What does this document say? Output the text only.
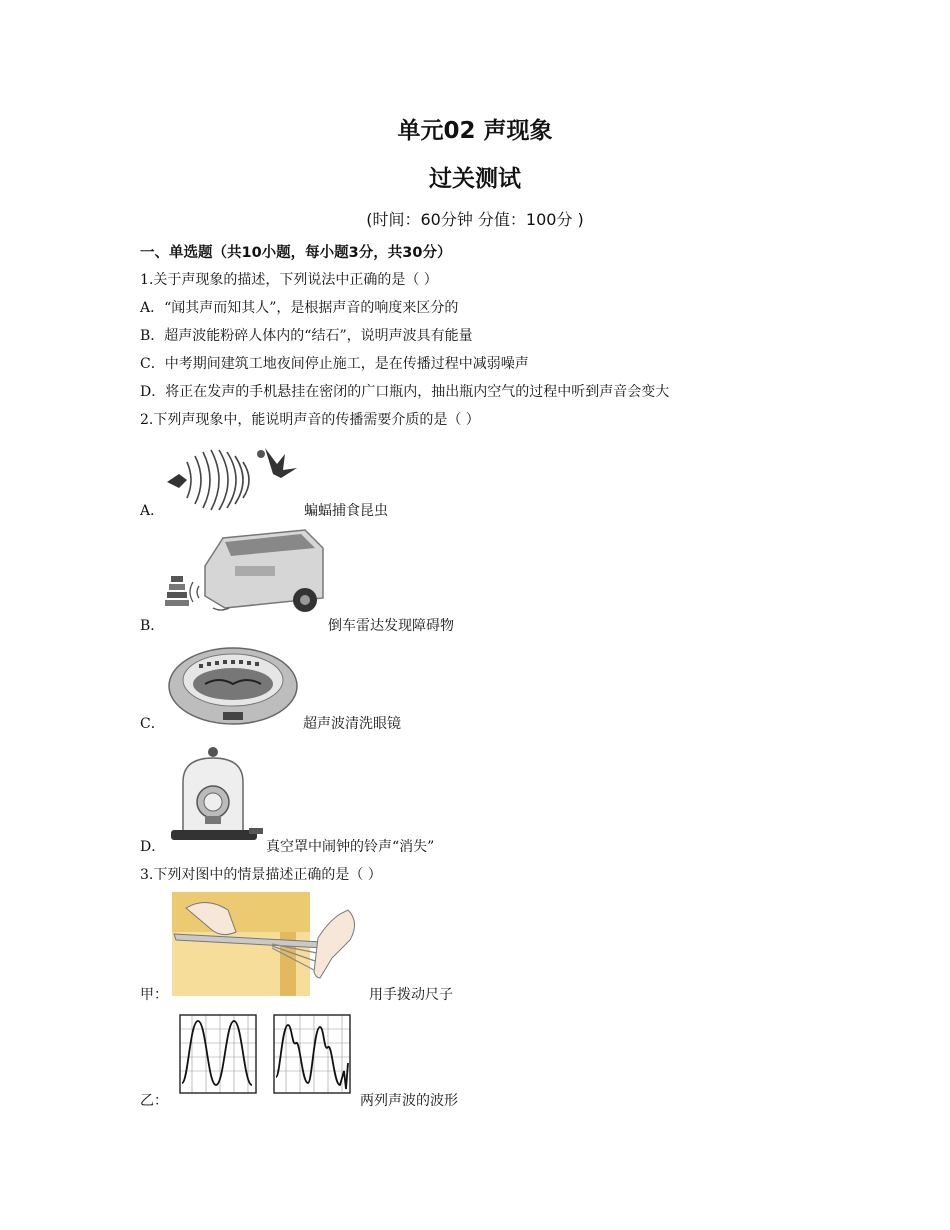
单元02 声现象
过关测试
(时间：60分钟 分值：100分 )
一、单选题（共10小题，每小题3分，共30分）
1.关于声现象的描述，下列说法中正确的是（ ）
A．“闻其声而知其人”，是根据声音的响度来区分的
B．超声波能粉碎人体内的“结石”，说明声波具有能量
C．中考期间建筑工地夜间停止施工，是在传播过程中减弱噪声
D．将正在发声的手机悬挂在密闭的广口瓶内，抽出瓶内空气的过程中听到声音会变大
2.下列声现象中，能说明声音的传播需要介质的是（ ）
A．	蝙蝠捕食昆虫
B．	倒车雷达发现障碍物
C．	超声波清洗眼镜
D．	真空罩中闹钟的铃声“消失”
3.下列对图中的情景描述正确的是（ ）
甲：	用手拨动尺子
乙：	两列声波的波形
